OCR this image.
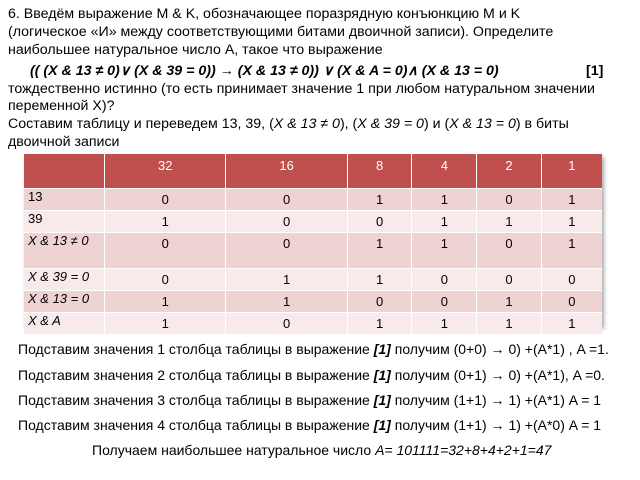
6. Введём выражение M & K, обозначающее поразрядную конъюнкцию M и K
(логическое «И» между соответствующими битами двоичной записи). Определите
наибольшее натуральное число A, такое что выражение
(( (X & 13 ≠ 0)∨ (X & 39 = 0)) → (X & 13 ≠ 0)) ∨ (X & A = 0)∧ (X & 13 = 0)	[1]
тождественно истинно (то есть принимает значение 1 при любом натуральном значении
переменной X)?
Составим таблицу и переведем 13, 39, (X & 13 ≠ 0), (X & 39 = 0) и (X & 13 = 0) в биты
двоичной записи
	32	16	8	4	2	1
13	0	0	1	1	0	1
39	1	0	0	1	1	1
X & 13 ≠ 0	0	0	1	1	0	1
X & 39 = 0	0	1	1	0	0	0
X & 13 = 0	1	1	0	0	1	0
X & A	1	0	1	1	1	1
Подставим значения 1 столбца таблицы в выражение [1] получим (0+0) → 0) +(A*1) , A =1.
Подставим значения 2 столбца таблицы в выражение [1] получим (0+1) → 0) +(A*1), A =0.
Подставим значения 3 столбца таблицы в выражение [1] получим (1+1) → 1) +(A*1) A = 1
Подставим значения 4 столбца таблицы в выражение [1] получим (1+1) → 1) +(A*0) A = 1
Получаем наибольшее натуральное число A= 101111=32+8+4+2+1=47
